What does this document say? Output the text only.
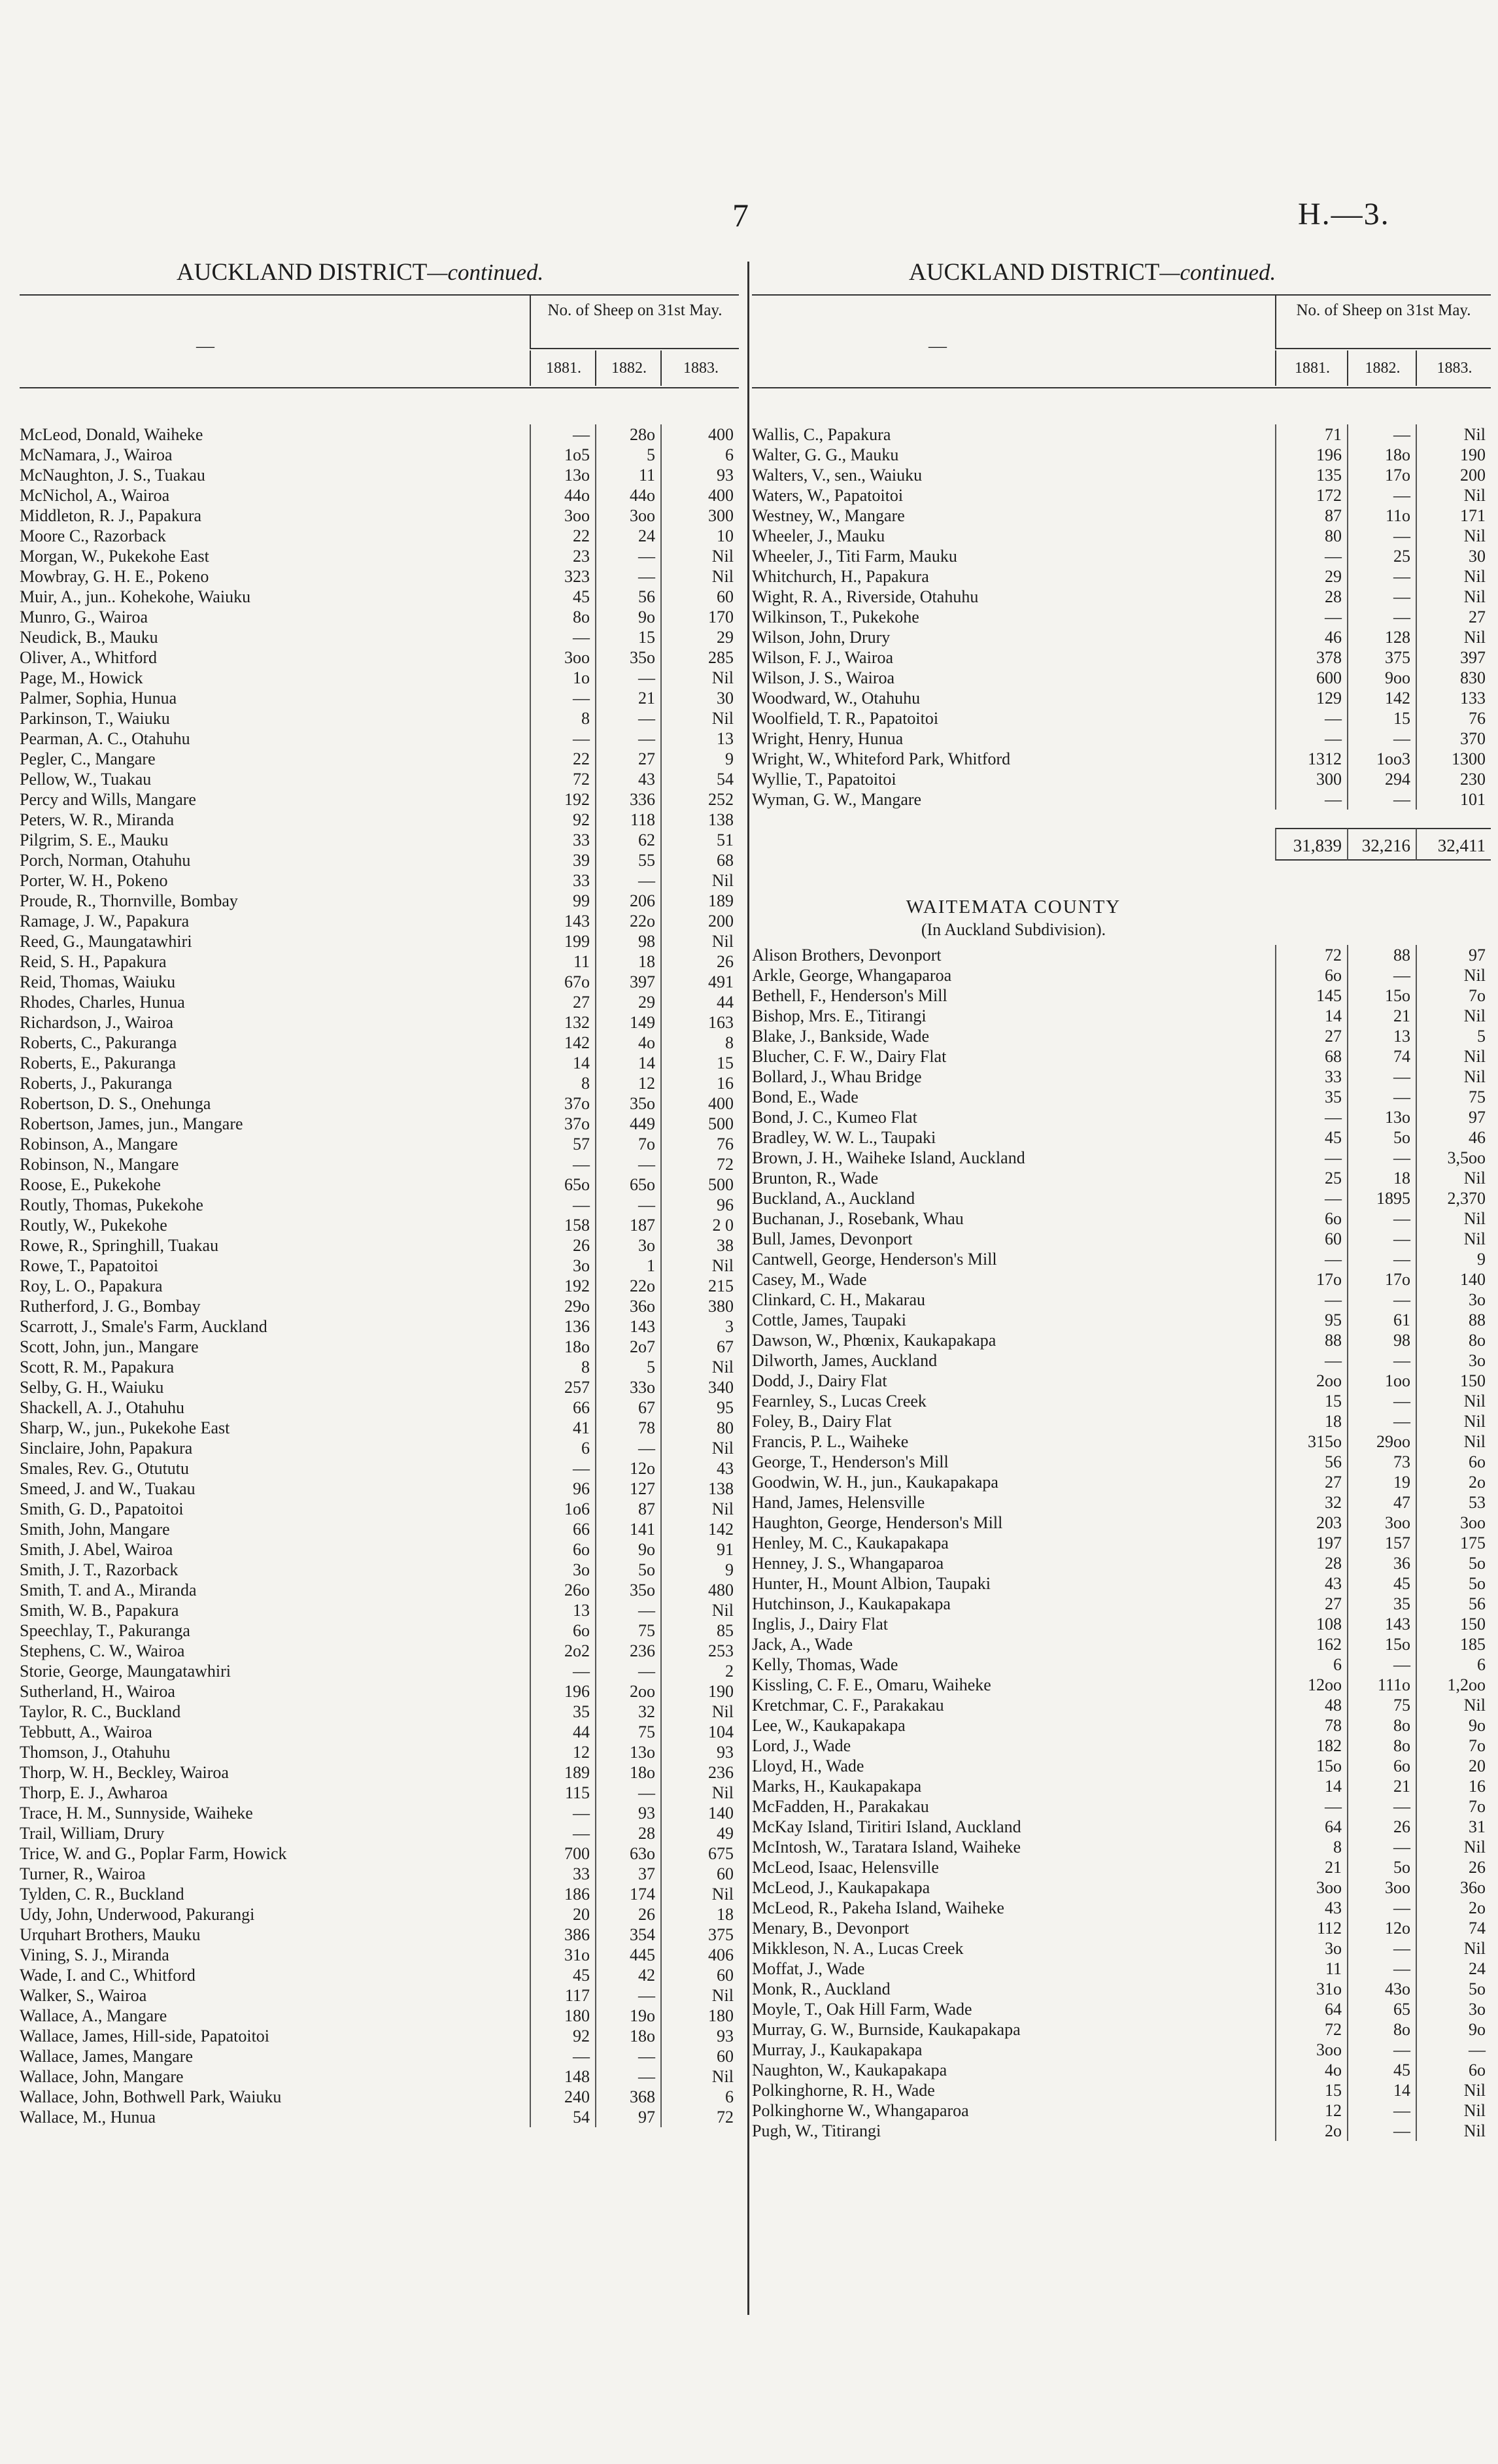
7	H.—3.
AUCKLAND DISTRICT—continued.
—
No. of Sheep on 31st May.
1881.	1882.	1883.
McLeod, Donald, Waiheke	—	28o	400
McNamara, J., Wairoa	1o5	5	6
McNaughton, J. S., Tuakau	13o	11	93
McNichol, A., Wairoa	44o	44o	400
Middleton, R. J., Papakura	3oo	3oo	300
Moore C., Razorback	22	24	10
Morgan, W., Pukekohe East	23	—	Nil
Mowbray, G. H. E., Pokeno	323	—	Nil
Muir, A., jun.. Kohekohe, Waiuku	45	56	60
Munro, G., Wairoa	8o	9o	170
Neudick, B., Mauku	—	15	29
Oliver, A., Whitford	3oo	35o	285
Page, M., Howick	1o	—	Nil
Palmer, Sophia, Hunua	—	21	30
Parkinson, T., Waiuku	8	—	Nil
Pearman, A. C., Otahuhu	—	—	13
Pegler, C., Mangare	22	27	9
Pellow, W., Tuakau	72	43	54
Percy and Wills, Mangare	192	336	252
Peters, W. R., Miranda	92	118	138
Pilgrim, S. E., Mauku	33	62	51
Porch, Norman, Otahuhu	39	55	68
Porter, W. H., Pokeno	33	—	Nil
Proude, R., Thornville, Bombay	99	206	189
Ramage, J. W., Papakura	143	22o	200
Reed, G., Maungatawhiri	199	98	Nil
Reid, S. H., Papakura	11	18	26
Reid, Thomas, Waiuku	67o	397	491
Rhodes, Charles, Hunua	27	29	44
Richardson, J., Wairoa	132	149	163
Roberts, C., Pakuranga	142	4o	8
Roberts, E., Pakuranga	14	14	15
Roberts, J., Pakuranga	8	12	16
Robertson, D. S., Onehunga	37o	35o	400
Robertson, James, jun., Mangare	37o	449	500
Robinson, A., Mangare	57	7o	76
Robinson, N., Mangare	—	—	72
Roose, E., Pukekohe	65o	65o	500
Routly, Thomas, Pukekohe	—	—	96
Routly, W., Pukekohe	158	187	2 0
Rowe, R., Springhill, Tuakau	26	3o	38
Rowe, T., Papatoitoi	3o	1	Nil
Roy, L. O., Papakura	192	22o	215
Rutherford, J. G., Bombay	29o	36o	380
Scarrott, J., Smale's Farm, Auckland	136	143	3
Scott, John, jun., Mangare	18o	2o7	67
Scott, R. M., Papakura	8	5	Nil
Selby, G. H., Waiuku	257	33o	340
Shackell, A. J., Otahuhu	66	67	95
Sharp, W., jun., Pukekohe East	41	78	80
Sinclaire, John, Papakura	6	—	Nil
Smales, Rev. G., Otututu	—	12o	43
Smeed, J. and W., Tuakau	96	127	138
Smith, G. D., Papatoitoi	1o6	87	Nil
Smith, John, Mangare	66	141	142
Smith, J. Abel, Wairoa	6o	9o	91
Smith, J. T., Razorback	3o	5o	9
Smith, T. and A., Miranda	26o	35o	480
Smith, W. B., Papakura	13	—	Nil
Speechlay, T., Pakuranga	6o	75	85
Stephens, C. W., Wairoa	2o2	236	253
Storie, George, Maungatawhiri	—	—	2
Sutherland, H., Wairoa	196	2oo	190
Taylor, R. C., Buckland	35	32	Nil
Tebbutt, A., Wairoa	44	75	104
Thomson, J., Otahuhu	12	13o	93
Thorp, W. H., Beckley, Wairoa	189	18o	236
Thorp, E. J., Awharoa	115	—	Nil
Trace, H. M., Sunnyside, Waiheke	—	93	140
Trail, William, Drury	—	28	49
Trice, W. and G., Poplar Farm, Howick	700	63o	675
Turner, R., Wairoa	33	37	60
Tylden, C. R., Buckland	186	174	Nil
Udy, John, Underwood, Pakurangi	20	26	18
Urquhart Brothers, Mauku	386	354	375
Vining, S. J., Miranda	31o	445	406
Wade, I. and C., Whitford	45	42	60
Walker, S., Wairoa	117	—	Nil
Wallace, A., Mangare	180	19o	180
Wallace, James, Hill-side, Papatoitoi	92	18o	93
Wallace, James, Mangare	—	—	60
Wallace, John, Mangare	148	—	Nil
Wallace, John, Bothwell Park, Waiuku	240	368	6
Wallace, M., Hunua	54	97	72
AUCKLAND DISTRICT—continued.
—
No. of Sheep on 31st May.
1881.	1882.	1883.
Wallis, C., Papakura	71	—	Nil
Walter, G. G., Mauku	196	18o	190
Walters, V., sen., Waiuku	135	17o	200
Waters, W., Papatoitoi	172	—	Nil
Westney, W., Mangare	87	11o	171
Wheeler, J., Mauku	80	—	Nil
Wheeler, J., Titi Farm, Mauku	—	25	30
Whitchurch, H., Papakura	29	—	Nil
Wight, R. A., Riverside, Otahuhu	28	—	Nil
Wilkinson, T., Pukekohe	—	—	27
Wilson, John, Drury	46	128	Nil
Wilson, F. J., Wairoa	378	375	397
Wilson, J. S., Wairoa	600	9oo	830
Woodward, W., Otahuhu	129	142	133
Woolfield, T. R., Papatoitoi	—	15	76
Wright, Henry, Hunua	—	—	370
Wright, W., Whiteford Park, Whitford	1312	1oo3	1300
Wyllie, T., Papatoitoi	300	294	230
Wyman, G. W., Mangare	—	—	101
31,839	32,216	32,411
WAITEMATA COUNTY
(In Auckland Subdivision).
Alison Brothers, Devonport	72	88	97
Arkle, George, Whangaparoa	6o	—	Nil
Bethell, F., Henderson's Mill	145	15o	7o
Bishop, Mrs. E., Titirangi	14	21	Nil
Blake, J., Bankside, Wade	27	13	5
Blucher, C. F. W., Dairy Flat	68	74	Nil
Bollard, J., Whau Bridge	33	—	Nil
Bond, E., Wade	35	—	75
Bond, J. C., Kumeo Flat	—	13o	97
Bradley, W. W. L., Taupaki	45	5o	46
Brown, J. H., Waiheke Island, Auckland	—	—	3,5oo
Brunton, R., Wade	25	18	Nil
Buckland, A., Auckland	—	1895	2,370
Buchanan, J., Rosebank, Whau	6o	—	Nil
Bull, James, Devonport	60	—	Nil
Cantwell, George, Henderson's Mill	—	—	9
Casey, M., Wade	17o	17o	140
Clinkard, C. H., Makarau	—	—	3o
Cottle, James, Taupaki	95	61	88
Dawson, W., Phœnix, Kaukapakapa	88	98	8o
Dilworth, James, Auckland	—	—	3o
Dodd, J., Dairy Flat	2oo	1oo	150
Fearnley, S., Lucas Creek	15	—	Nil
Foley, B., Dairy Flat	18	—	Nil
Francis, P. L., Waiheke	315o	29oo	Nil
George, T., Henderson's Mill	56	73	6o
Goodwin, W. H., jun., Kaukapakapa	27	19	2o
Hand, James, Helensville	32	47	53
Haughton, George, Henderson's Mill	203	3oo	3oo
Henley, M. C., Kaukapakapa	197	157	175
Henney, J. S., Whangaparoa	28	36	5o
Hunter, H., Mount Albion, Taupaki	43	45	5o
Hutchinson, J., Kaukapakapa	27	35	56
Inglis, J., Dairy Flat	108	143	150
Jack, A., Wade	162	15o	185
Kelly, Thomas, Wade	6	—	6
Kissling, C. F. E., Omaru, Waiheke	12oo	111o	1,2oo
Kretchmar, C. F., Parakakau	48	75	Nil
Lee, W., Kaukapakapa	78	8o	9o
Lord, J., Wade	182	8o	7o
Lloyd, H., Wade	15o	6o	20
Marks, H., Kaukapakapa	14	21	16
McFadden, H., Parakakau	—	—	7o
McKay Island, Tiritiri Island, Auckland	64	26	31
McIntosh, W., Taratara Island, Waiheke	8	—	Nil
McLeod, Isaac, Helensville	21	5o	26
McLeod, J., Kaukapakapa	3oo	3oo	36o
McLeod, R., Pakeha Island, Waiheke	43	—	2o
Menary, B., Devonport	112	12o	74
Mikkleson, N. A., Lucas Creek	3o	—	Nil
Moffat, J., Wade	11	—	24
Monk, R., Auckland	31o	43o	5o
Moyle, T., Oak Hill Farm, Wade	64	65	3o
Murray, G. W., Burnside, Kaukapakapa	72	8o	9o
Murray, J., Kaukapakapa	3oo	—	—
Naughton, W., Kaukapakapa	4o	45	6o
Polkinghorne, R. H., Wade	15	14	Nil
Polkinghorne W., Whangaparoa	12	—	Nil
Pugh, W., Titirangi	2o	—	Nil
